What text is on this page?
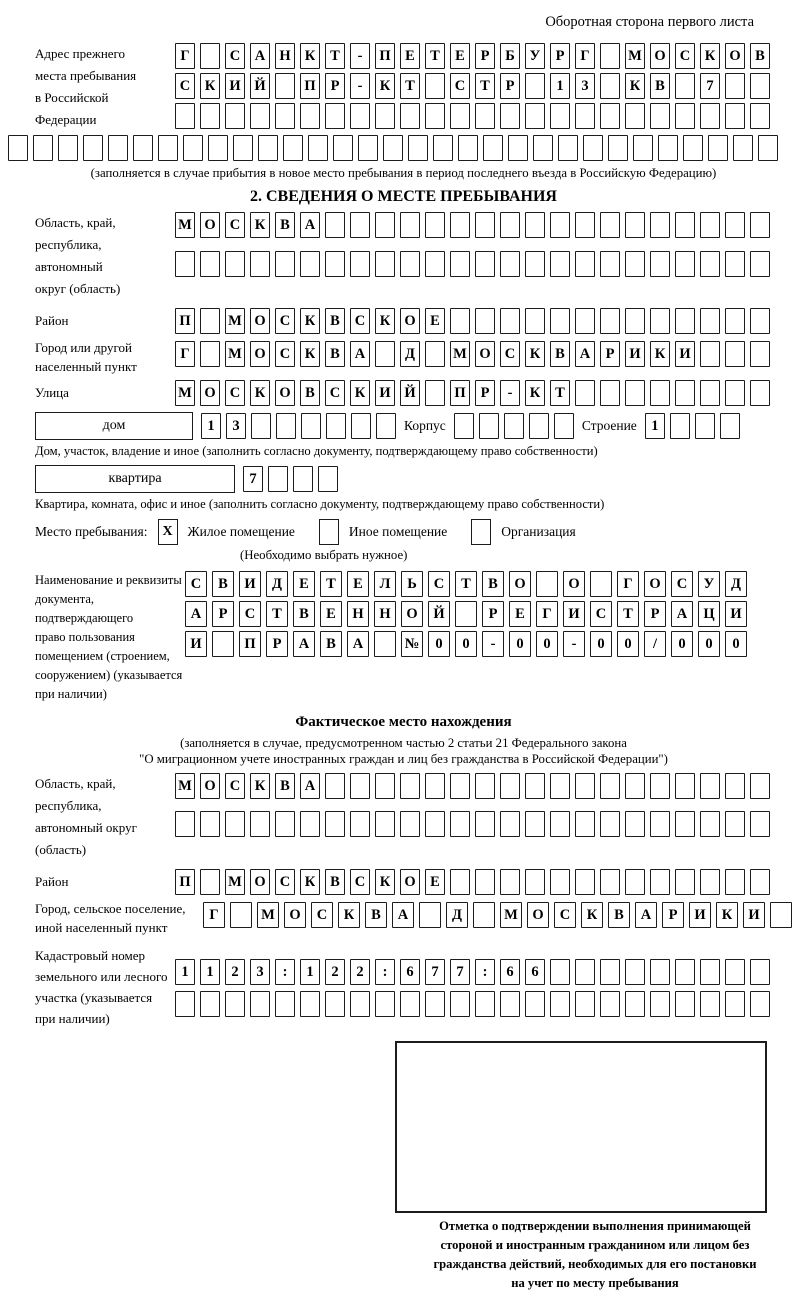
Оборотная сторона первого листа
Адрес прежнего
места пребывания
в Российской
Федерации
Г	С	А Н К	Т	-	П	Е	Т	Е	Р	Б	У	Р	Г	М О С	К О	В
С	К И Й	П	Р	-	К	Т	С	Т	Р	1	3	К	В	7
(заполняется в случае прибытия в новое место пребывания в период последнего въезда в Российскую Федерацию)
2. СВЕДЕНИЯ О МЕСТЕ ПРЕБЫВАНИЯ
Область, край,
республика,
автономный
округ (область)
М О С	К	В	А
Район	П	М О С	К	В	С	К О	Е
Город или другой
населенный пункт
Г	М О С	К	В	А	Д	М О С	К	В	А	Р	И К И
Улица	М О С	К О	В	С	К И Й	П	Р	-	К	Т
дом	1	3	Корпус	Строение 1
Дом, участок, владение и иное (заполнить согласно документу, подтверждающему право собственности)
квартира	7
Квартира, комната, офис и иное (заполнить согласно документу, подтверждающему право собственности)
Место пребывания:	X	Жилое помещение	Иное помещение	Организация
(Необходимо выбрать нужное)
Наименование и реквизиты
документа, подтверждающего
право пользования
помещением (строением,
сооружением) (указывается
при наличии)
С	В	И	Д	Е	Т	Е	Л	Ь	С	Т	В	О	О	Г	О	С	У	Д
А	Р	С	Т	В	Е	Н	Н	О	Й	Р	Е	Г	И	С	Т	Р	А	Ц	И
И	П	Р	А	В	А	№	0	0	-	0	0	-	0	0	/	0	0	0
Фактическое место нахождения
(заполняется в случае, предусмотренном частью 2 статьи 21 Федерального закона
"О миграционном учете иностранных граждан и лиц без гражданства в Российской Федерации")
Область, край,
республика,
автономный округ
(область)
М О С	К	В	А
Район	П	М О С	К	В	С	К О	Е
Город, сельское поселение,
иной населенный пункт
Г	М	О	С	К	В	А	Д	М	О	С	К	В	А	Р	И	К	И
Кадастровый номер
земельного или лесного
участка (указывается
при наличии)
1	1	2	3	:	1	2	2	:	6	7	7	:	6	6
Отметка о подтверждении выполнения принимающей
стороной и иностранным гражданином или лицом без
гражданства действий, необходимых для его постановки
на учет по месту пребывания
